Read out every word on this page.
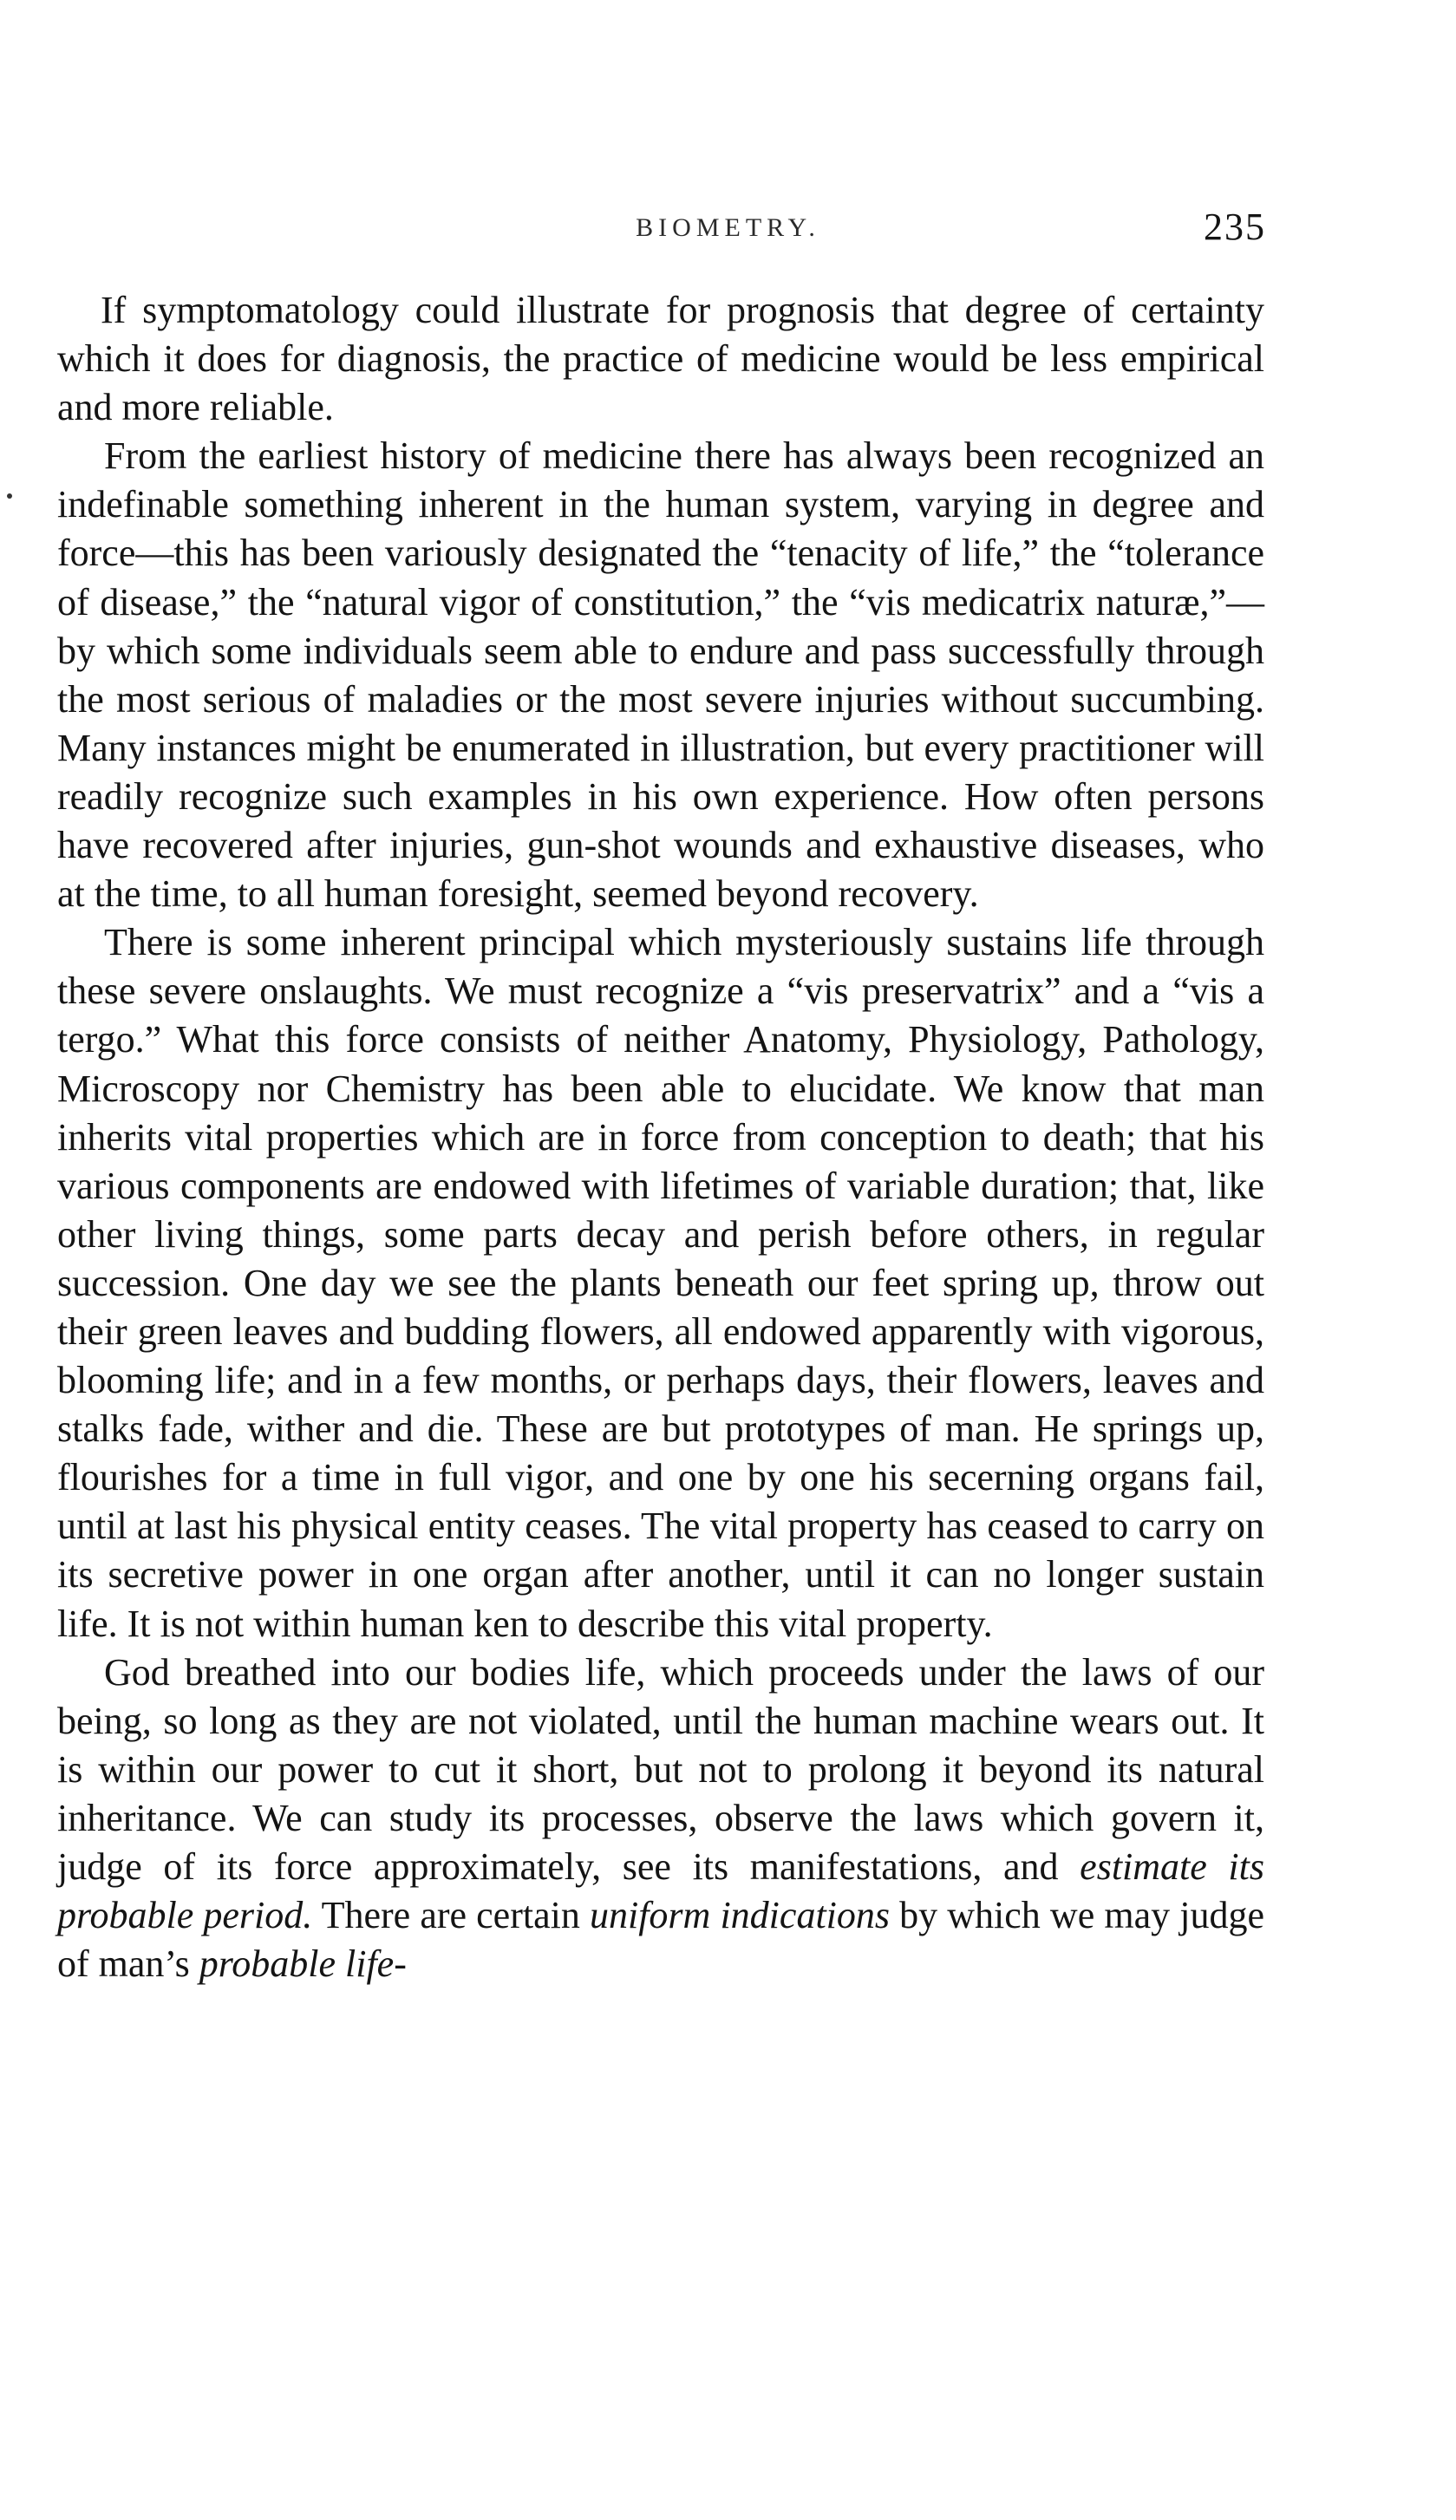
BIOMETRY.	235

If symptomatology could illustrate for prognosis that degree of certainty which it does for diagnosis, the practice of medicine would be less empirical and more reliable.

From the earliest history of medicine there has always been recognized an indefinable something inherent in the human system, varying in degree and force—this has been variously designated the “tenacity of life,” the “tolerance of disease,” the “natural vigor of constitution,” the “vis medicatrix naturæ,”—by which some individuals seem able to endure and pass successfully through the most serious of maladies or the most severe injuries without succumbing. Many instances might be enumerated in illustration, but every practitioner will readily recognize such examples in his own experience. How often persons have recovered after injuries, gun-shot wounds and exhaustive diseases, who at the time, to all human foresight, seemed beyond recovery.

There is some inherent principal which mysteriously sustains life through these severe onslaughts. We must recognize a “vis preservatrix” and a “vis a tergo.” What this force consists of neither Anatomy, Physiology, Pathology, Microscopy nor Chemistry has been able to elucidate. We know that man inherits vital properties which are in force from conception to death; that his various components are endowed with lifetimes of variable duration; that, like other living things, some parts decay and perish before others, in regular succession. One day we see the plants beneath our feet spring up, throw out their green leaves and budding flowers, all endowed apparently with vigorous, blooming life; and in a few months, or perhaps days, their flowers, leaves and stalks fade, wither and die. These are but prototypes of man. He springs up, flourishes for a time in full vigor, and one by one his secerning organs fail, until at last his physical entity ceases. The vital property has ceased to carry on its secretive power in one organ after another, until it can no longer sustain life. It is not within human ken to describe this vital property.

God breathed into our bodies life, which proceeds under the laws of our being, so long as they are not violated, until the human machine wears out. It is within our power to cut it short, but not to prolong it beyond its natural inheritance. We can study its processes, observe the laws which govern it, judge of its force approximately, see its manifestations, and estimate its probable period. There are certain uniform indications by which we may judge of man’s probable life-
